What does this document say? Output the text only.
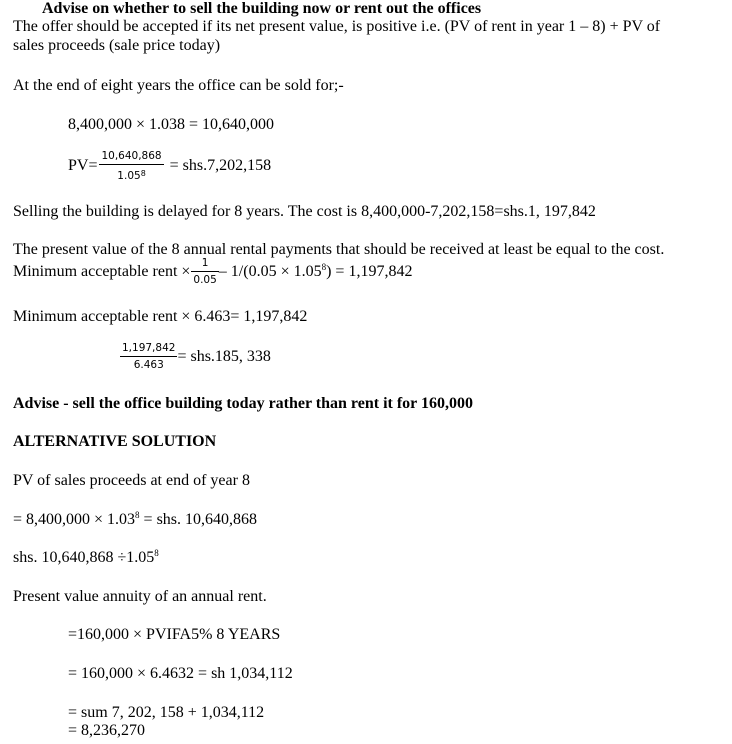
Advise on whether to sell the building now or rent out the offices
The offer should be accepted if its net present value, is positive i.e. (PV of rent in year 1 – 8) + PV of
sales proceeds (sale price today)
At the end of eight years the office can be sold for;-
8,400,000 × 1.038 = 10,640,000
$PV= \frac{10,640,868}{1.05^8} = shs.7,202,158$
Selling the building is delayed for 8 years. The cost is 8,400,000-7,202,158=shs.1, 197,842
The present value of the 8 annual rental payments that should be received at least be equal to the cost.
Minimum acceptable rent × $\frac{1}{0.05} - 1/(0.05 \times 1.05^8) = 1,197,842$
Minimum acceptable rent × 6.463= 1,197,842
$\frac{1,197,842}{6.463} = shs.185$, 338
Advise - sell the office building today rather than rent it for 160,000
ALTERNATIVE SOLUTION
PV of sales proceeds at end of year 8
= $8,400,000 \times 1.03^8$ = shs. 10,640,868
shs. $10,640,868 \div 1.05^8$
Present value annuity of an annual rent.
=160,000 × PVIFA5% 8 YEARS
= 160,000 × 6.4632 = sh 1,034,112
= sum 7, 202, 158 + 1,034,112
= 8,236,270
